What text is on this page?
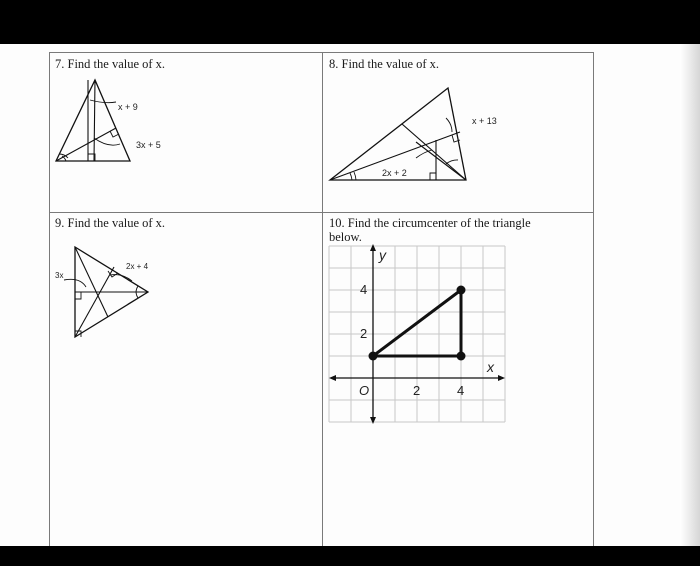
7. Find the value of x.	8. Find the value of x.
9. Find the value of x.	10. Find the circumcenter of the triangle
below.
x + 9
3x + 5
x + 13
2x + 2
2x + 4
3x
y
x
O
4
2
2	4
